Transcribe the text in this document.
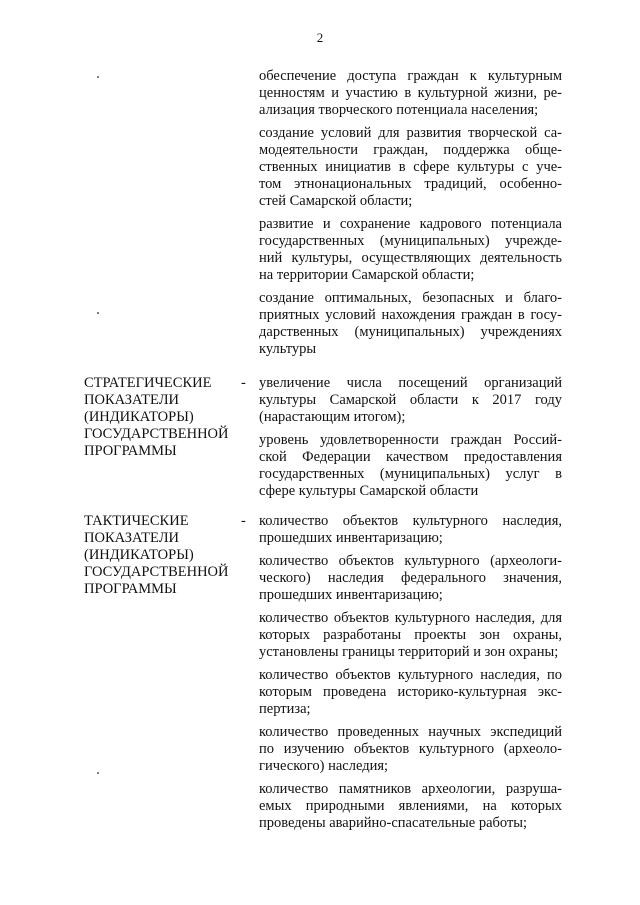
2
обеспечение доступа граждан к культурным
ценностям и участию в культурной жизни, ре-
ализация творческого потенциала населения;
создание условий для развития творческой са-
модеятельности граждан, поддержка обще-
ственных инициатив в сфере культуры с уче-
том этнонациональных традиций, особенно-
стей Самарской области;
развитие и сохранение кадрового потенциала
государственных (муниципальных) учрежде-
ний культуры, осуществляющих деятельность
на территории Самарской области;
создание оптимальных, безопасных и благо-
приятных условий нахождения граждан в госу-
дарственных (муниципальных) учреждениях
культуры
СТРАТЕГИЧЕСКИЕ
ПОКАЗАТЕЛИ
(ИНДИКАТОРЫ)
ГОСУДАРСТВЕННОЙ
ПРОГРАММЫ
- увеличение числа посещений организаций
культуры Самарской области к 2017 году
(нарастающим итогом);
уровень удовлетворенности граждан Россий-
ской Федерации качеством предоставления
государственных (муниципальных) услуг в
сфере культуры Самарской области
ТАКТИЧЕСКИЕ
ПОКАЗАТЕЛИ
(ИНДИКАТОРЫ)
ГОСУДАРСТВЕННОЙ
ПРОГРАММЫ
- количество объектов культурного наследия,
прошедших инвентаризацию;
количество объектов культурного (археологи-
ческого) наследия федерального значения,
прошедших инвентаризацию;
количество объектов культурного наследия, для
которых разработаны проекты зон охраны,
установлены границы территорий и зон охраны;
количество объектов культурного наследия, по
которым проведена историко-культурная экс-
пертиза;
количество проведенных научных экспедиций
по изучению объектов культурного (археоло-
гического) наследия;
количество памятников археологии, разруша-
емых природными явлениями, на которых
проведены аварийно-спасательные работы;
